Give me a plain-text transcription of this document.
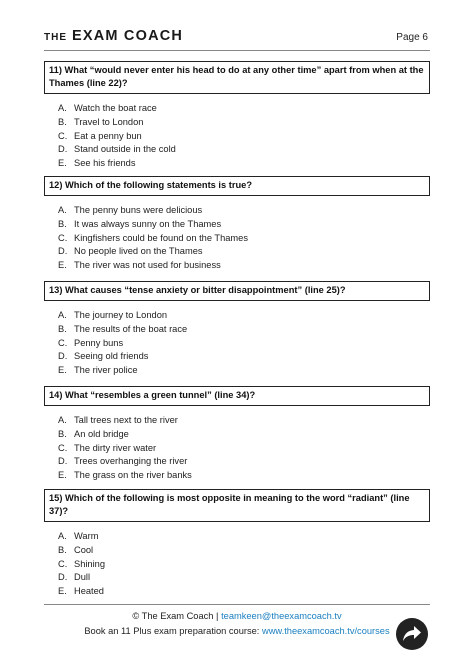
THE EXAM COACH	Page 6
11) What “would never enter his head to do at any other time” apart from when at the Thames (line 22)?
A. Watch the boat race
B. Travel to London
C. Eat a penny bun
D. Stand outside in the cold
E. See his friends
12) Which of the following statements is true?
A. The penny buns were delicious
B. It was always sunny on the Thames
C. Kingfishers could be found on the Thames
D. No people lived on the Thames
E. The river was not used for business
13) What causes “tense anxiety or bitter disappointment” (line 25)?
A. The journey to London
B. The results of the boat race
C. Penny buns
D. Seeing old friends
E. The river police
14) What “resembles a green tunnel” (line 34)?
A. Tall trees next to the river
B. An old bridge
C. The dirty river water
D. Trees overhanging the river
E. The grass on the river banks
15) Which of the following is most opposite in meaning to the word “radiant” (line 37)?
A. Warm
B. Cool
C. Shining
D. Dull
E. Heated
© The Exam Coach | teamkeen@theexamcoach.tv
Book an 11 Plus exam preparation course: www.theexamcoach.tv/courses
